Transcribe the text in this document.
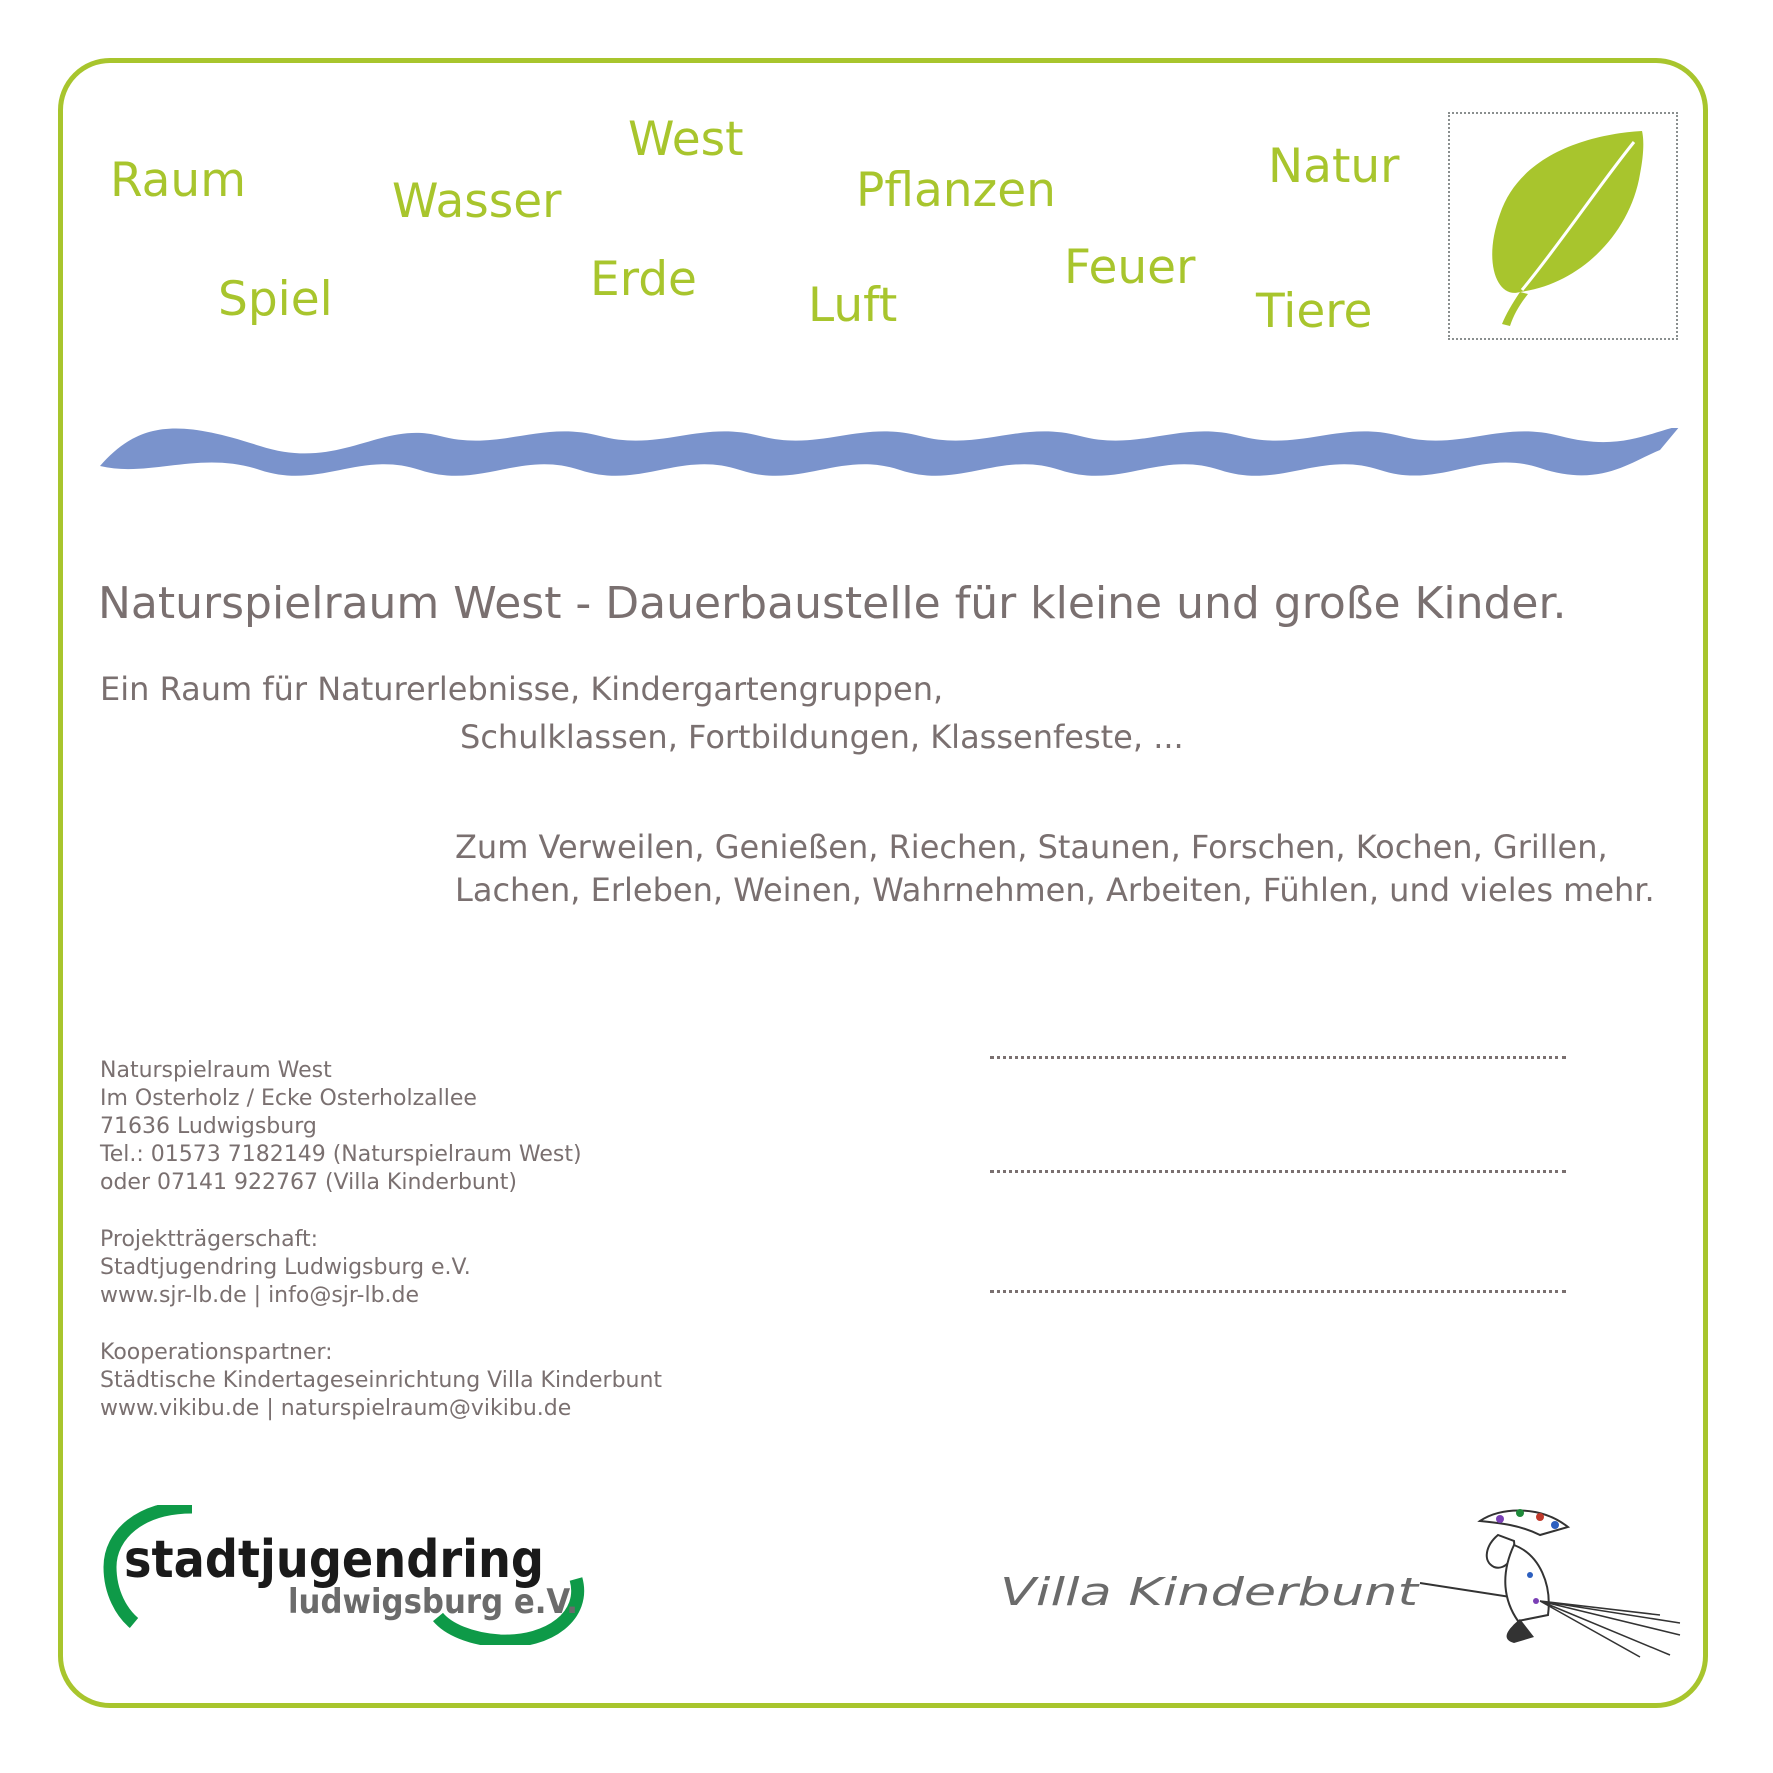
Raum	Wasser
West
Pflanzen	Natur
Spiel	Erde Luft
Feuer
Tiere
Naturspielraum West - Dauerbaustelle für kleine und große Kinder.
Ein Raum für Naturerlebnisse, Kindergartengruppen,
Schulklassen, Fortbildungen, Klassenfeste, ...
Zum Verweilen, Genießen, Riechen, Staunen, Forschen, Kochen, Grillen,
Lachen, Erleben, Weinen, Wahrnehmen, Arbeiten, Fühlen, und vieles mehr.
Naturspielraum West
Im Osterholz / Ecke Osterholzallee
71636 Ludwigsburg
Tel.: 01573 7182149 (Naturspielraum West)
oder 07141 922767 (Villa Kinderbunt)
Projektträgerschaft:
Stadtjugendring Ludwigsburg e.V.
www.sjr-lb.de | info@sjr-lb.de
Kooperationspartner:
Städtische Kindertageseinrichtung Villa Kinderbunt
www.vikibu.de | naturspielraum@vikibu.de
stadtjugendring
ludwigsburg e.V.	Villa Kinderbunt
